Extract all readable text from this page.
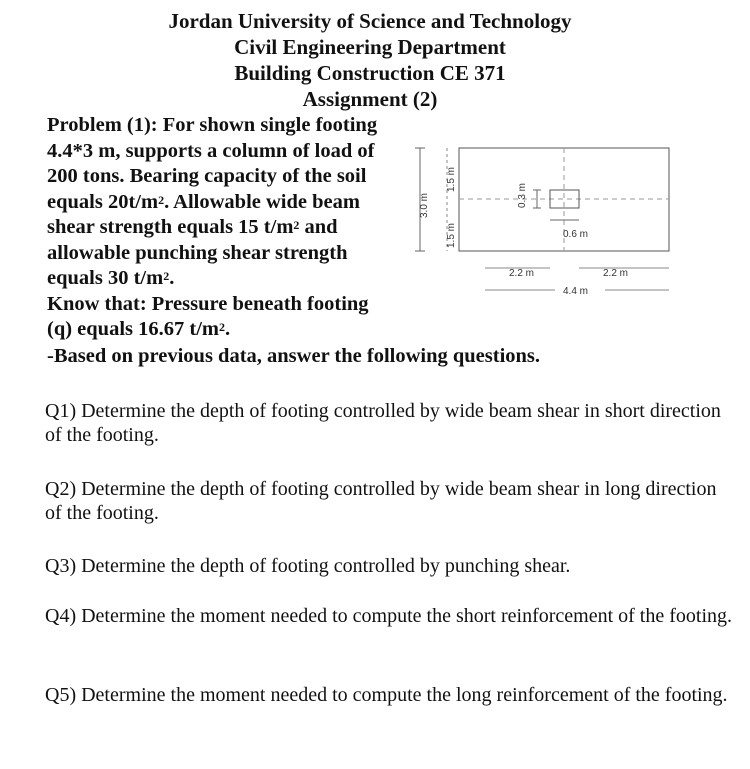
Jordan University of Science and Technology
Civil Engineering Department
Building Construction CE 371
Assignment (2)
Problem (1): For shown single footing
4.4*3 m, supports a column of load of
200 tons. Bearing capacity of the soil
equals $20t/m^2$. Allowable wide beam
shear strength equals 15 $t/m^2$ and
allowable punching shear strength
equals 30 $t/m^2$.
Know that: Pressure beneath footing
(q) equals 16.67 $t/m^2$.
3.0 m
1.5 m
1.5 m
0.3 m
0.6 m
2.2 m	2.2 m
4.4 m
-Based on previous data, answer the following questions.
Q1) Determine the depth of footing controlled by wide beam shear in short direction of the footing.
Q2) Determine the depth of footing controlled by wide beam shear in long direction of the footing.
Q3) Determine the depth of footing controlled by punching shear.
Q4) Determine the moment needed to compute the short reinforcement of the footing.
Q5) Determine the moment needed to compute the long reinforcement of the footing.
